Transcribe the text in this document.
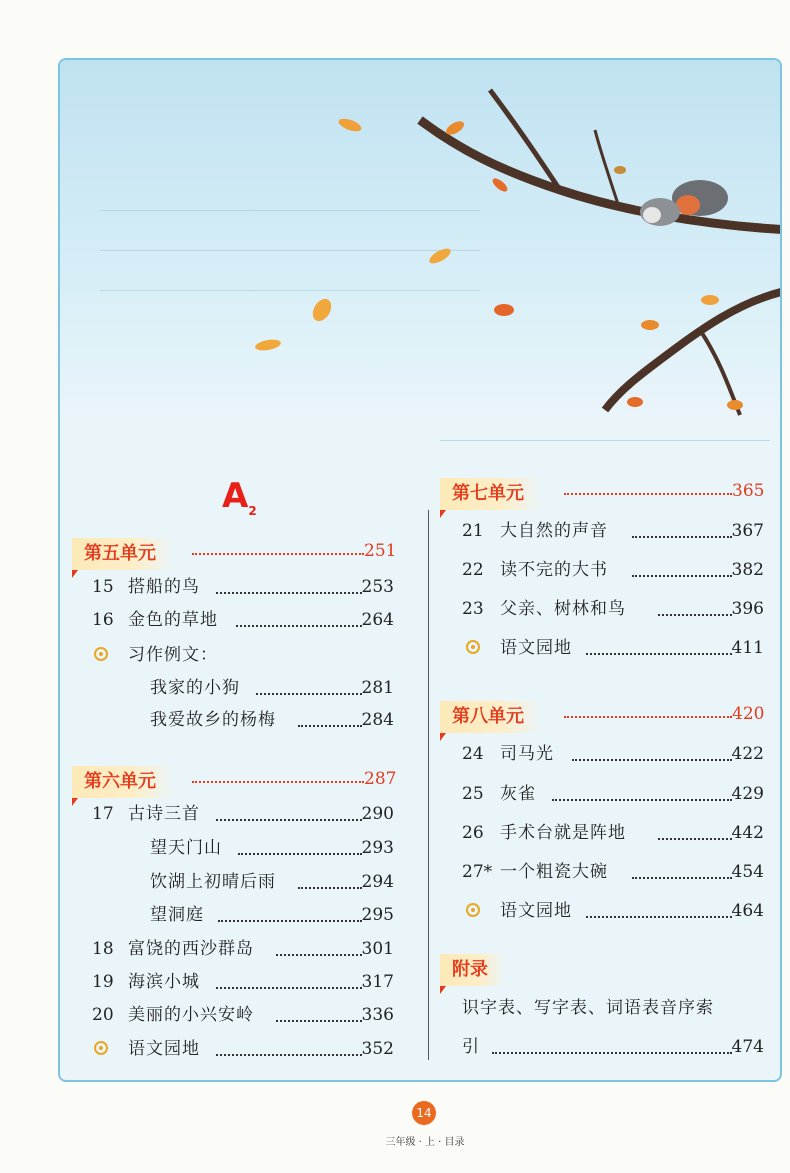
$A_2$
第五单元	251
15 搭船的鸟	253
16 金色的草地	264
习作例文：
我家的小狗	281
我爱故乡的杨梅	284
第六单元	287
17 古诗三首	290
望天门山	293
饮湖上初晴后雨	294
望洞庭	295
18 富饶的西沙群岛	301
19 海滨小城	317
20 美丽的小兴安岭	336
语文园地	352
第七单元	365
21 大自然的声音	367
22 读不完的大书	382
23 父亲、树林和鸟	396
语文园地	411
第八单元	420
24 司马光	422
25 灰雀	429
26 手术台就是阵地	442
27* 一个粗瓷大碗	454
语文园地	464
附录
识字表、写字表、词语表音序索
引	474
14
三年级 · 上 · 目录
